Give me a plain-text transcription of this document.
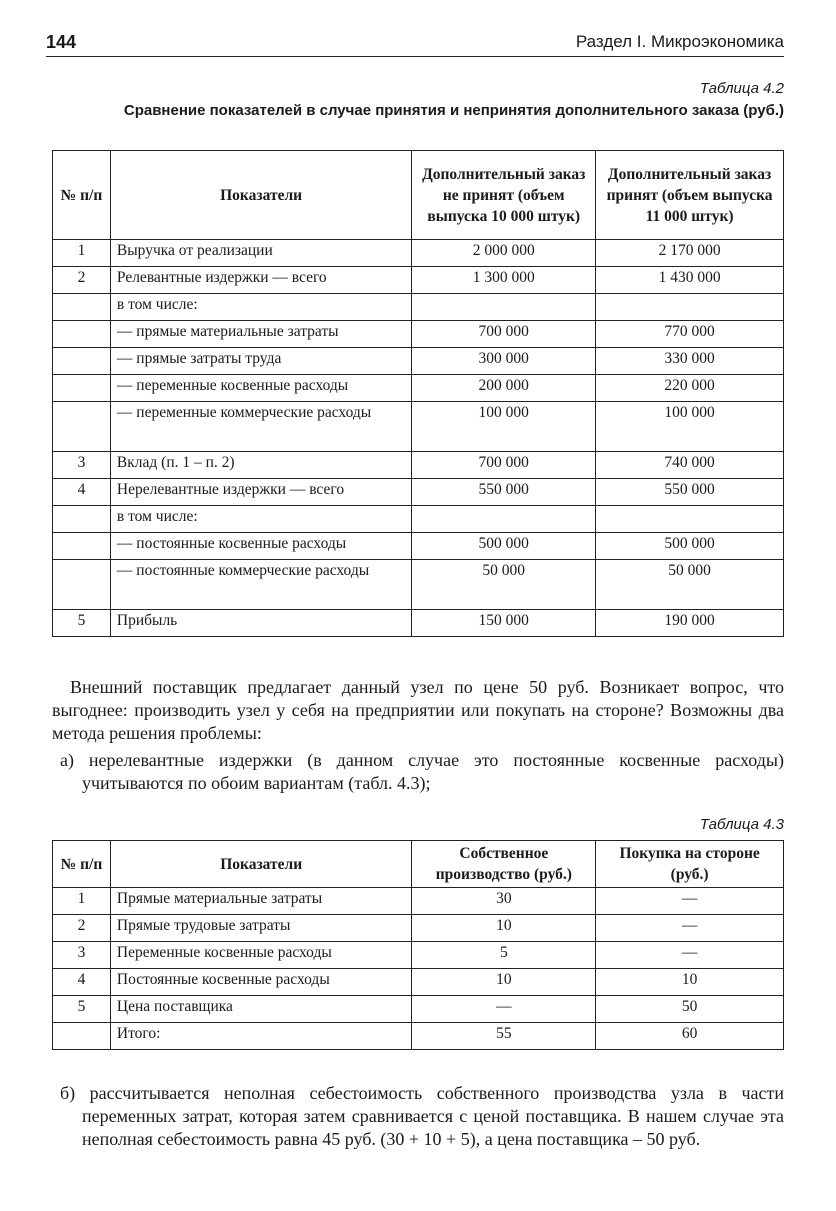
144	Раздел I. Микроэкономика
Таблица 4.2
Сравнение показателей в случае принятия и непринятия дополнительного заказа (руб.)
№ п/п	Показатели	Дополнительный заказ не принят (объем выпуска 10 000 штук)	Дополнительный заказ принят (объем выпуска 11 000 штук)
1	Выручка от реализации	2 000 000	2 170 000
2	Релевантные издержки — всего	1 300 000	1 430 000
	в том числе:		
	— прямые материальные затраты	700 000	770 000
	— прямые затраты труда	300 000	330 000
	— переменные косвенные расходы	200 000	220 000
	— переменные коммерческие расходы	100 000	100 000
3	Вклад (п. 1 – п. 2)	700 000	740 000
4	Нерелевантные издержки — всего	550 000	550 000
	в том числе:		
	— постоянные косвенные расходы	500 000	500 000
	— постоянные коммерческие расходы	50 000	50 000
5	Прибыль	150 000	190 000
Внешний поставщик предлагает данный узел по цене 50 руб. Возникает вопрос, что выгоднее: производить узел у себя на предприятии или покупать на стороне? Возможны два метода решения проблемы:
а) нерелевантные издержки (в данном случае это постоянные косвенные расходы) учитываются по обоим вариантам (табл. 4.3);
Таблица 4.3
№ п/п	Показатели	Собственное производство (руб.)	Покупка на стороне (руб.)
1	Прямые материальные затраты	30	—
2	Прямые трудовые затраты	10	—
3	Переменные косвенные расходы	5	—
4	Постоянные косвенные расходы	10	10
5	Цена поставщика	—	50
	Итого:	55	60
б) рассчитывается неполная себестоимость собственного производства узла в части переменных затрат, которая затем сравнивается с ценой поставщика. В нашем случае эта неполная себестоимость равна 45 руб. (30 + 10 + 5), а цена поставщика – 50 руб.
